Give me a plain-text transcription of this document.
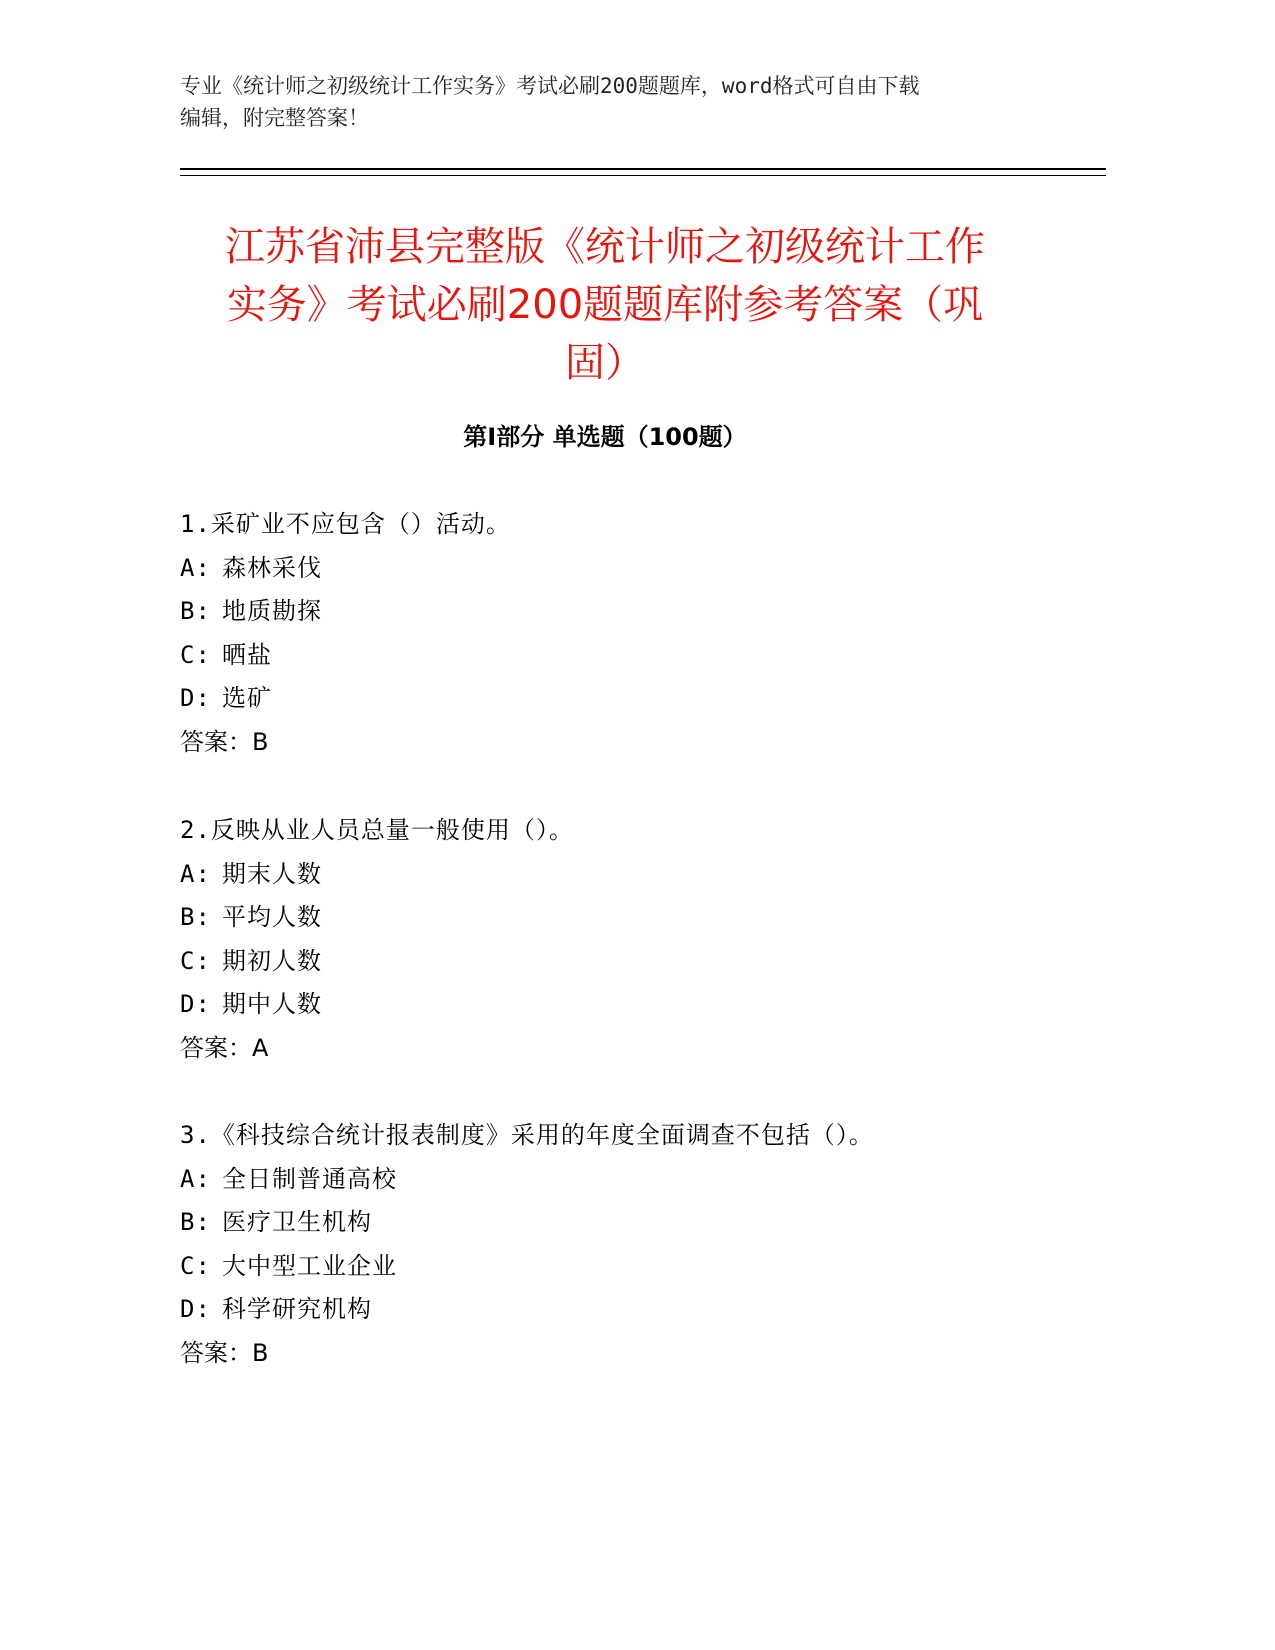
专业《统计师之初级统计工作实务》考试必刷200题题库，word格式可自由下载
编辑，附完整答案！
江苏省沛县完整版《统计师之初级统计工作
实务》考试必刷200题题库附参考答案（巩
固）
第Ⅰ部分 单选题（100题）
1.采矿业不应包含（）活动。
A: 森林采伐
B: 地质勘探
C: 晒盐
D: 选矿
答案：B
2.反映从业人员总量一般使用（）。
A: 期末人数
B: 平均人数
C: 期初人数
D: 期中人数
答案：A
3.《科技综合统计报表制度》采用的年度全面调查不包括（）。
A: 全日制普通高校
B: 医疗卫生机构
C: 大中型工业企业
D: 科学研究机构
答案：B
